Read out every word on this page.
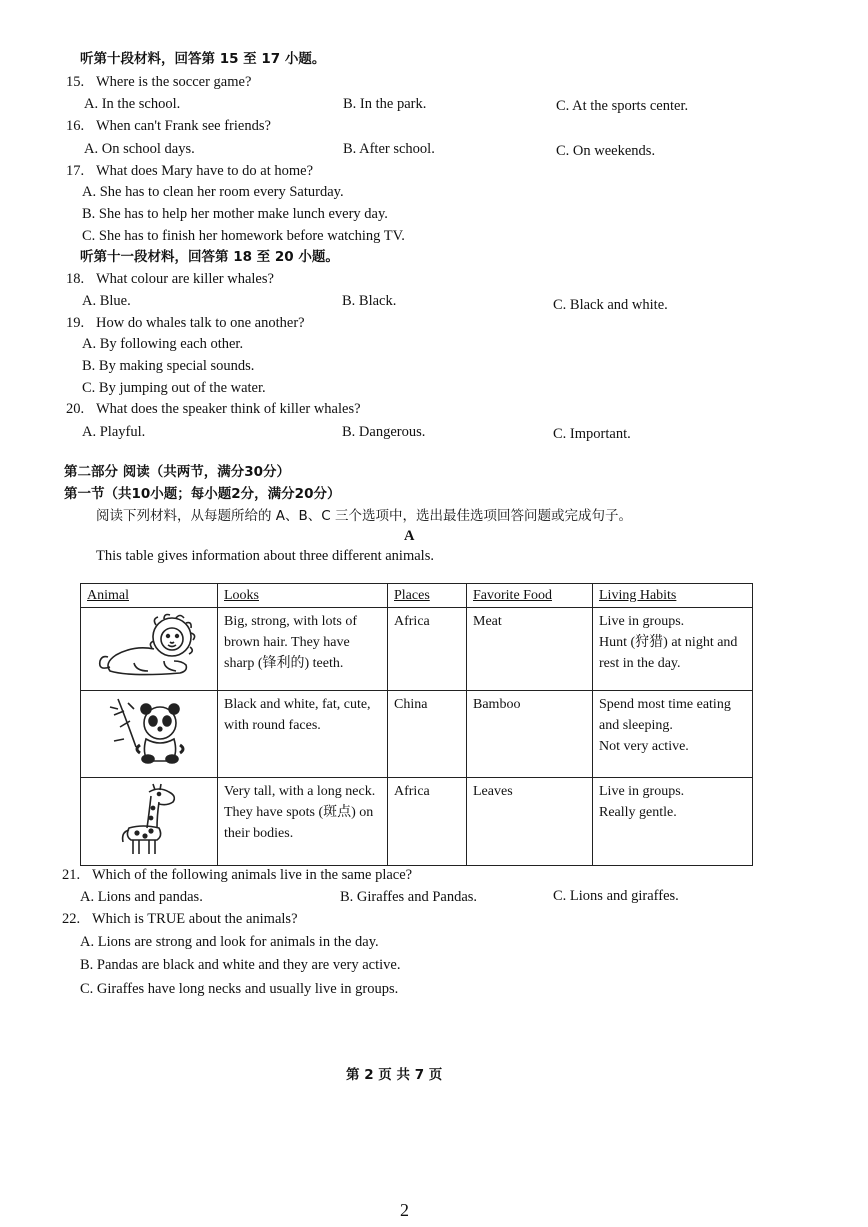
听第十段材料，回答第 15 至 17 小题。
15. Where is the soccer game?
A. In the school.	B. In the park.	C. At the sports center.
16. When can't Frank see friends?
A. On school days.	B. After school.	C. On weekends.
17. What does Mary have to do at home?
A. She has to clean her room every Saturday.
B. She has to help her mother make lunch every day.
C. She has to finish her homework before watching TV.
听第十一段材料，回答第 18 至 20 小题。
18. What colour are killer whales?
A. Blue.	B. Black.	C. Black and white.
19. How do whales talk to one another?
A. By following each other.
B. By making special sounds.
C. By jumping out of the water.
20. What does the speaker think of killer whales?
A. Playful.	B. Dangerous.	C. Important.
第二部分 阅读（共两节，满分30分）
第一节（共10小题；每小题2分，满分20分）
阅读下列材料，从每题所给的 A、B、C 三个选项中，选出最佳选项回答问题或完成句子。
A
This table gives information about three different animals.
Animal	Looks	Places	Favorite Food	Living Habits
	Big, strong, with lots of brown hair. They have sharp (锋利的) teeth.	Africa	Meat	Live in groups.
Hunt (狩猎) at night and rest in the day.

	Black and white, fat, cute, with round faces.	China	Bamboo	Spend most time eating and sleeping.
Not very active.

	Very tall, with a long neck. They have spots (斑点) on their bodies.	Africa	Leaves	Live in groups.
Really gentle.
21. Which of the following animals live in the same place?
A. Lions and pandas.	B. Giraffes and Pandas.	C. Lions and giraffes.
22. Which is TRUE about the animals?
A. Lions are strong and look for animals in the day.
B. Pandas are black and white and they are very active.
C. Giraffes have long necks and usually live in groups.
第 2 页 共 7 页
2
